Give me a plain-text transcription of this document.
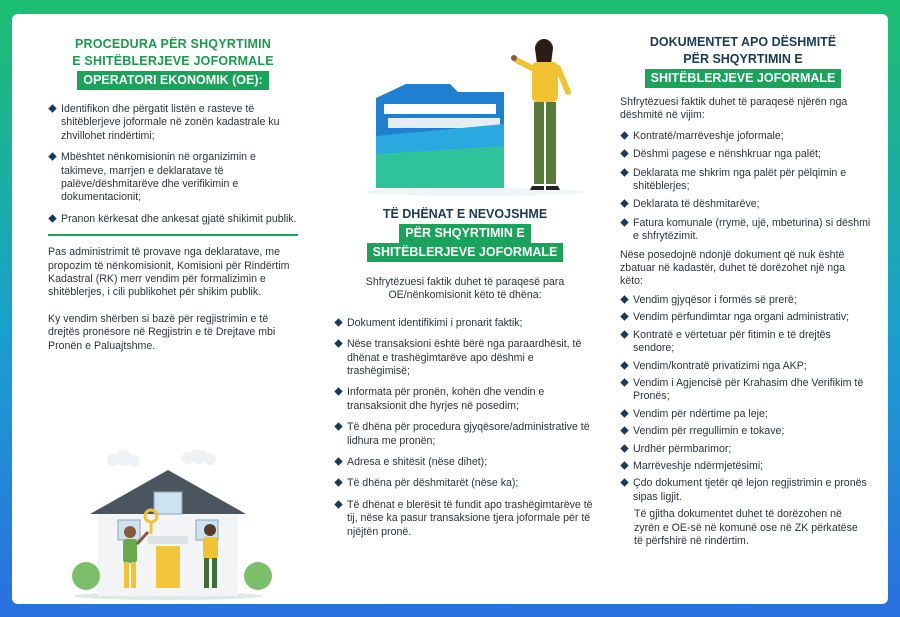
PROCEDURA PËR SHQYRTIMIN
E SHITËBLERJEVE JOFORMALE
OPERATORI EKONOMIK (OE):
Identifikon dhe përgatit listën e rasteve të shitëblerjeve joformale në zonën kadastrale ku zhvillohet rindërtimi;
Mbështet nënkomisionin në organizimin e takimeve, marrjen e deklaratave të palëve/dëshmitarëve dhe verifikimin e dokumentacionit;
Pranon kërkesat dhe ankesat gjatë shikimit publik.

Pas administrimit të provave nga deklaratave, me propozim të nënkomisionit, Komisioni për Rindërtim Kadastral (RK) merr vendim për formalizimin e shitëblerjes, i cili publikohet për shikim publik.

Ky vendim shërben si bazë për regjistrimin e të drejtës pronësore në Regjistrin e të Drejtave mbi Pronën e Paluajtshme.

TË DHËNAT E NEVOJSHME
PËR SHQYRTIMIN E
SHITËBLERJEVE JOFORMALE

Shfrytëzuesi faktik duhet të paraqesë para OE/nënkomisionit këto të dhëna:

Dokument identifikimi i pronarit faktik;
Nëse transaksioni është bërë nga paraardhësit, të dhënat e trashëgimtarëve apo dëshmi e trashëgimisë;
Informata për pronën, kohën dhe vendin e transaksionit dhe hyrjes në posedim;
Të dhëna për procedura gjyqësore/administrative të lidhura me pronën;
Adresa e shitësit (nëse dihet);
Të dhëna për dëshmitarët (nëse ka);
Të dhënat e blerësit të fundit apo trashëgimtarëve të tij, nëse ka pasur transaksione tjera joformale për të njëjtën pronë.
DOKUMENTET APO DËSHMITË
PËR SHQYRTIMIN E
SHITËBLERJEVE JOFORMALE

Shfrytëzuesi faktik duhet të paraqesë njërën nga dëshmitë në vijim:

Kontratë/marrëveshje joformale;
Dëshmi pagese e nënshkruar nga palët;
Deklarata me shkrim nga palët për pëlqimin e shitëblerjes;
Deklarata të dëshmitarëve;
Fatura komunale (rrymë, ujë, mbeturina) si dëshmi e shfrytëzimit.

Nëse posedojnë ndonjë dokument që nuk është zbatuar në kadastër, duhet të dorëzohet një nga këto:

Vendim gjyqësor i formës së prerë;
Vendim përfundimtar nga organi administrativ;
Kontratë e vërtetuar për fitimin e të drejtës sendore;
Vendim/kontratë privatizimi nga AKP;
Vendim i Agjencisë për Krahasim dhe Verifikim të Pronës;
Vendim për ndërtime pa leje;
Vendim për rregullimin e tokave;
Urdhër përmbarimor;
Marrëveshje ndërmjetësimi;
Çdo dokument tjetër që lejon regjistrimin e pronës sipas ligjit.

Të gjitha dokumentet duhet të dorëzohen në zyrën e OE-së në komunë ose në ZK përkatëse të përfshirë në rindërtim.
